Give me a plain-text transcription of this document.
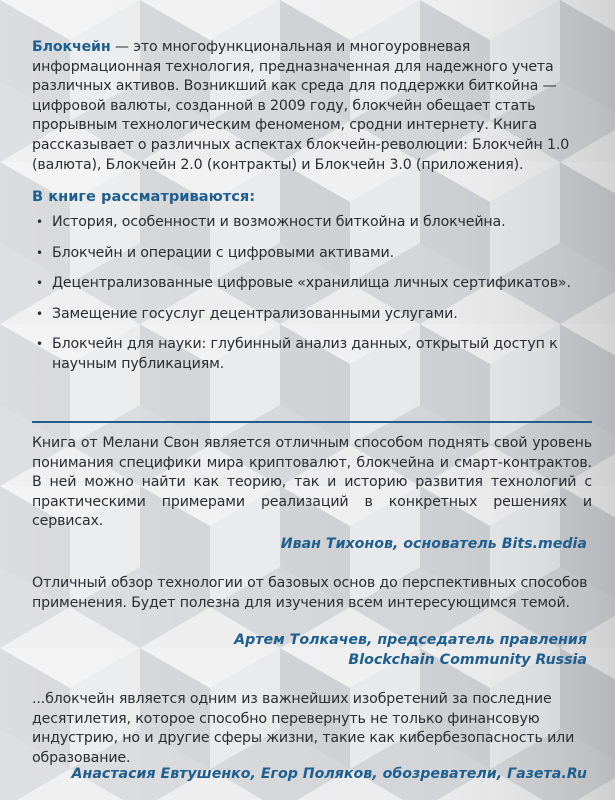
Блокчейн — это многофункциональная и многоуровневая информационная технология, предназначенная для надежного учета различных активов. Возникший как среда для поддержки биткойна — цифровой валюты, созданной в 2009 году, блокчейн обещает стать прорывным технологическим феноменом, сродни интернету. Книга рассказывает о различных аспектах блокчейн-революции: Блокчейн 1.0 (валюта), Блокчейн 2.0 (контракты) и Блокчейн 3.0 (приложения).

В книге рассматриваются:

• История, особенности и возможности биткойна и блокчейна.
• Блокчейн и операции с цифровыми активами.
• Децентрализованные цифровые «хранилища личных сертификатов».
• Замещение госуслуг децентрализованными услугами.
• Блокчейн для науки: глубинный анализ данных, открытый доступ к научным публикациям.

Книга от Мелани Свон является отличным способом поднять свой уровень понимания специфики мира криптовалют, блокчейна и смарт-контрактов. В ней можно найти как теорию, так и историю развития технологий с практическими примерами реализаций в конкретных решениях и сервисах.

Иван Тихонов, основатель Bits.media

Отличный обзор технологии от базовых основ до перспективных способов применения. Будет полезна для изучения всем интересующимся темой.

Артем Толкачев, председатель правления
Blockchain Community Russia

...блокчейн является одним из важнейших изобретений за последние десятилетия, которое способно перевернуть не только финансовую индустрию, но и другие сферы жизни, такие как кибербезопасность или образование.

Анастасия Евтушенко, Егор Поляков, обозреватели, Газета.Ru
